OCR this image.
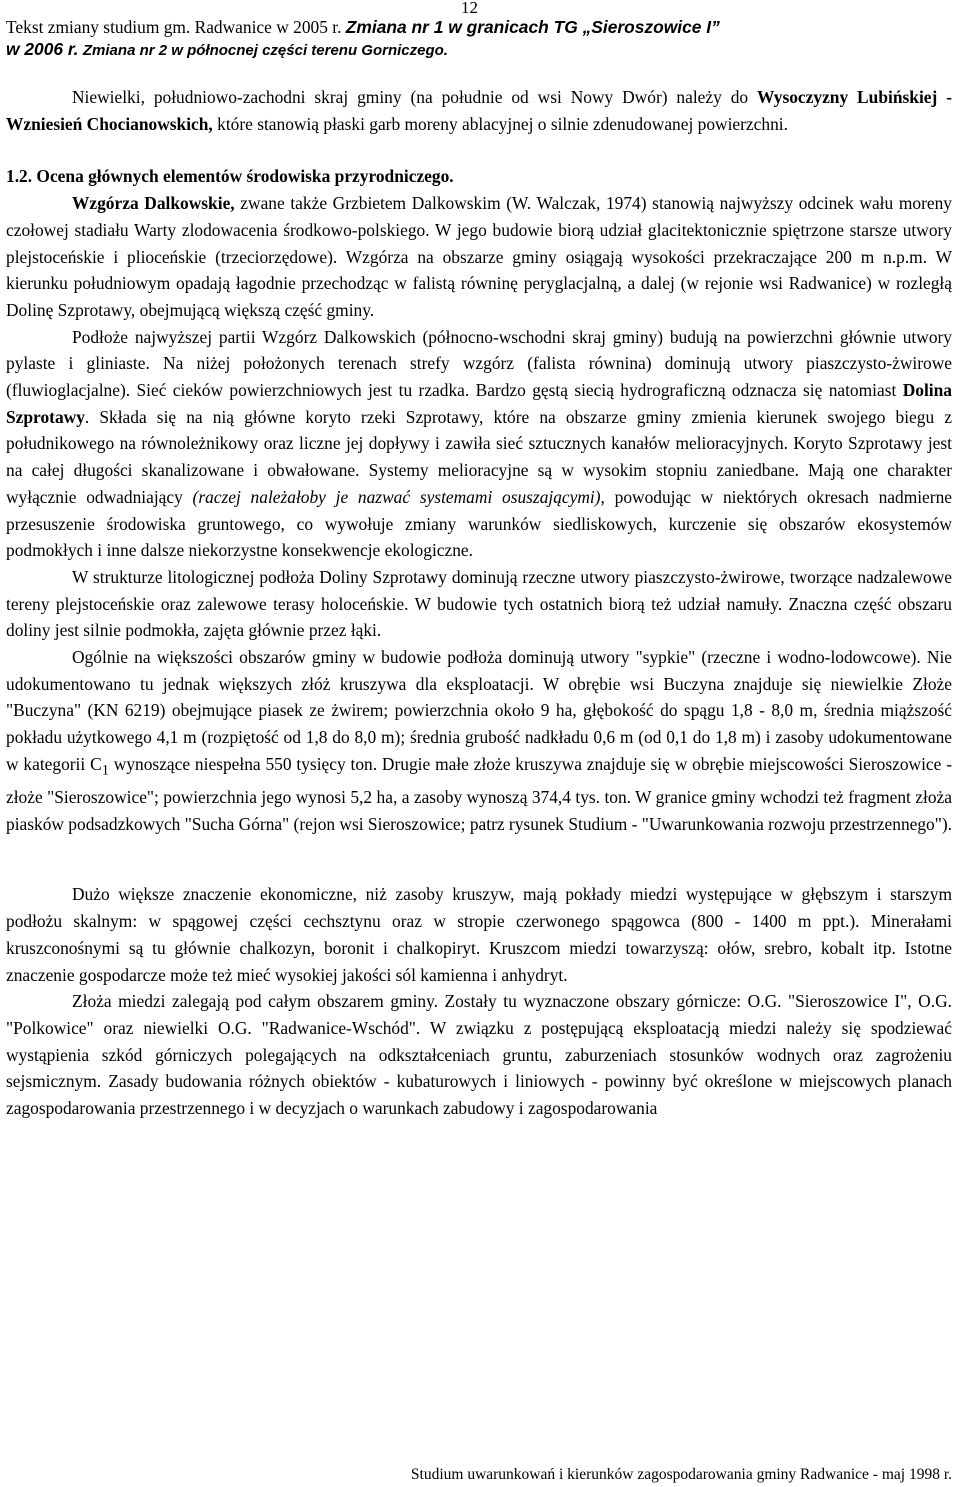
12
Tekst zmiany studium gm. Radwanice w 2005 r. Zmiana nr 1 w granicach TG „Sieroszowice I”
w 2006 r. Zmiana nr 2 w północnej części terenu Gorniczego.

Niewielki, południowo-zachodni skraj gminy (na południe od wsi Nowy Dwór) należy do Wysoczyzny Lubińskiej - Wzniesień Chocianowskich, które stanowią płaski garb moreny ablacyjnej o silnie zdenudowanej powierzchni.

1.2. Ocena głównych elementów środowiska przyrodniczego.

Wzgórza Dalkowskie, zwane także Grzbietem Dalkowskim (W. Walczak, 1974) stanowią najwyższy odcinek wału moreny czołowej stadiału Warty zlodowacenia środkowo-polskiego. W jego budowie biorą udział glacitektonicznie spiętrzone starsze utwory plejstoceńskie i plioceńskie (trzeciorzędowe). Wzgórza na obszarze gminy osiągają wysokości przekraczające 200 m n.p.m. W kierunku południowym opadają łagodnie przechodząc w falistą równinę peryglacjalną, a dalej (w rejonie wsi Radwanice) w rozległą Dolinę Szprotawy, obejmującą większą część gminy.

Podłoże najwyższej partii Wzgórz Dalkowskich (północno-wschodni skraj gminy) budują na powierzchni głównie utwory pylaste i gliniaste. Na niżej położonych terenach strefy wzgórz (falista równina) dominują utwory piaszczysto-żwirowe (fluwioglacjalne). Sieć cieków powierzchniowych jest tu rzadka. Bardzo gęstą siecią hydrograficzną odznacza się natomiast Dolina Szprotawy. Składa się na nią główne koryto rzeki Szprotawy, które na obszarze gminy zmienia kierunek swojego biegu z południkowego na równoleżnikowy oraz liczne jej dopływy i zawiła sieć sztucznych kanałów melioracyjnych. Koryto Szprotawy jest na całej długości skanalizowane i obwałowane. Systemy melioracyjne są w wysokim stopniu zaniedbane. Mają one charakter wyłącznie odwadniający (raczej należałoby je nazwać systemami osuszającymi), powodując w niektórych okresach nadmierne przesuszenie środowiska gruntowego, co wywołuje zmiany warunków siedliskowych, kurczenie się obszarów ekosystemów podmokłych i inne dalsze niekorzystne konsekwencje ekologiczne.

W strukturze litologicznej podłoża Doliny Szprotawy dominują rzeczne utwory piaszczysto-żwirowe, tworzące nadzalewowe tereny plejstoceńskie oraz zalewowe terasy holoceńskie. W budowie tych ostatnich biorą też udział namuły. Znaczna część obszaru doliny jest silnie podmokła, zajęta głównie przez łąki.

Ogólnie na większości obszarów gminy w budowie podłoża dominują utwory "sypkie" (rzeczne i wodno-lodowcowe). Nie udokumentowano tu jednak większych złóż kruszywa dla eksploatacji. W obrębie wsi Buczyna znajduje się niewielkie Złoże "Buczyna" (KN 6219) obejmujące piasek ze żwirem; powierzchnia około 9 ha, głębokość do spągu 1,8 - 8,0 m, średnia miąższość pokładu użytkowego 4,1 m (rozpiętość od 1,8 do 8,0 m); średnia grubość nadkładu 0,6 m (od 0,1 do 1,8 m) i zasoby udokumentowane w kategorii $C_1$ wynoszące niespełna 550 tysięcy ton. Drugie małe złoże kruszywa znajduje się w obrębie miejscowości Sieroszowice - złoże "Sieroszowice"; powierzchnia jego wynosi 5,2 ha, a zasoby wynoszą 374,4 tys. ton. W granice gminy wchodzi też fragment złoża piasków podsadzkowych "Sucha Górna" (rejon wsi Sieroszowice; patrz rysunek Studium - "Uwarunkowania rozwoju przestrzennego").

Dużo większe znaczenie ekonomiczne, niż zasoby kruszyw, mają pokłady miedzi występujące w głębszym i starszym podłożu skalnym: w spągowej części cechsztynu oraz w stropie czerwonego spągowca (800 - 1400 m ppt.). Minerałami kruszconośnymi są tu głównie chalkozyn, boronit i chalkopiryt. Kruszcom miedzi towarzyszą: ołów, srebro, kobalt itp. Istotne znaczenie gospodarcze może też mieć wysokiej jakości sól kamienna i anhydryt.

Złoża miedzi zalegają pod całym obszarem gminy. Zostały tu wyznaczone obszary górnicze: O.G. "Sieroszowice I", O.G. "Polkowice" oraz niewielki O.G. "Radwanice-Wschód". W związku z postępującą eksploatacją miedzi należy się spodziewać wystąpienia szkód górniczych polegających na odkształceniach gruntu, zaburzeniach stosunków wodnych oraz zagrożeniu sejsmicznym. Zasady budowania różnych obiektów - kubaturowych i liniowych - powinny być określone w miejscowych planach zagospodarowania przestrzennego i w decyzjach o warunkach zabudowy i zagospodarowania

Studium uwarunkowań i kierunków zagospodarowania gminy Radwanice - maj 1998 r.
